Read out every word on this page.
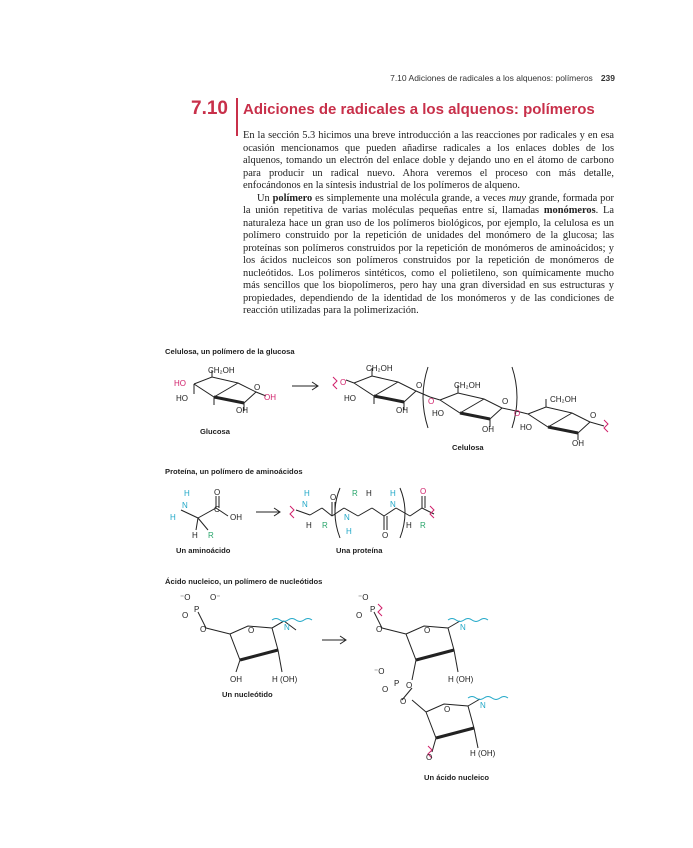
7.10 Adiciones de radicales a los alquenos: polímeros 239
7.10 Adiciones de radicales a los alquenos: polímeros

En la sección 5.3 hicimos una breve introducción a las reacciones por radicales y en esa ocasión mencionamos que pueden añadirse radicales a los enlaces dobles de los alquenos, tomando un electrón del enlace doble y dejando uno en el átomo de carbono para producir un radical nuevo. Ahora veremos el proceso con más detalle, enfocándonos en la síntesis industrial de los polímeros de alqueno.

Un polímero es simplemente una molécula grande, a veces muy grande, formada por la unión repetitiva de varias moléculas pequeñas entre sí, llamadas monómeros. La naturaleza hace un gran uso de los polímeros biológicos, por ejemplo, la celulosa es un polímero construido por la repetición de unidades del monómero de la glucosa; las proteínas son polímeros construidos por la repetición de monómeros de aminoácidos; y los ácidos nucleicos son polímeros construidos por la repetición de monómeros de nucleótidos. Los polímeros sintéticos, como el polietileno, son químicamente mucho más sencillos que los biopolímeros, pero hay una gran diversidad en sus estructuras y propiedades, dependiendo de la identidad de los monómeros y de las condiciones de reacción utilizadas para la polimerización.

Celulosa, un polímero de la glucosa
Proteína, un polímero de aminoácidos
Ácido nucleico, un polímero de nucleótidos
CH₂OH
HO
HO
OH
O
OH
Glucosa
O
CH₂OH
HO
OH
O
O
CH₂OH
HO
OH
O
O
CH₂OH
HO
OH
O
Celulosa
H
N
H
O
C
OH
H R
Un aminoácido
H
N
H R
O
N
H
R H
O
H
N
H R
O
Una proteína
⁻O O⁻
O
P
O	O	N
OH	H (OH)
Un nucleótido
⁻O
O
P
O	O	N
O
H (OH)
⁻O
O
P
O
O	N
O	H (OH)
Un ácido nucleico
